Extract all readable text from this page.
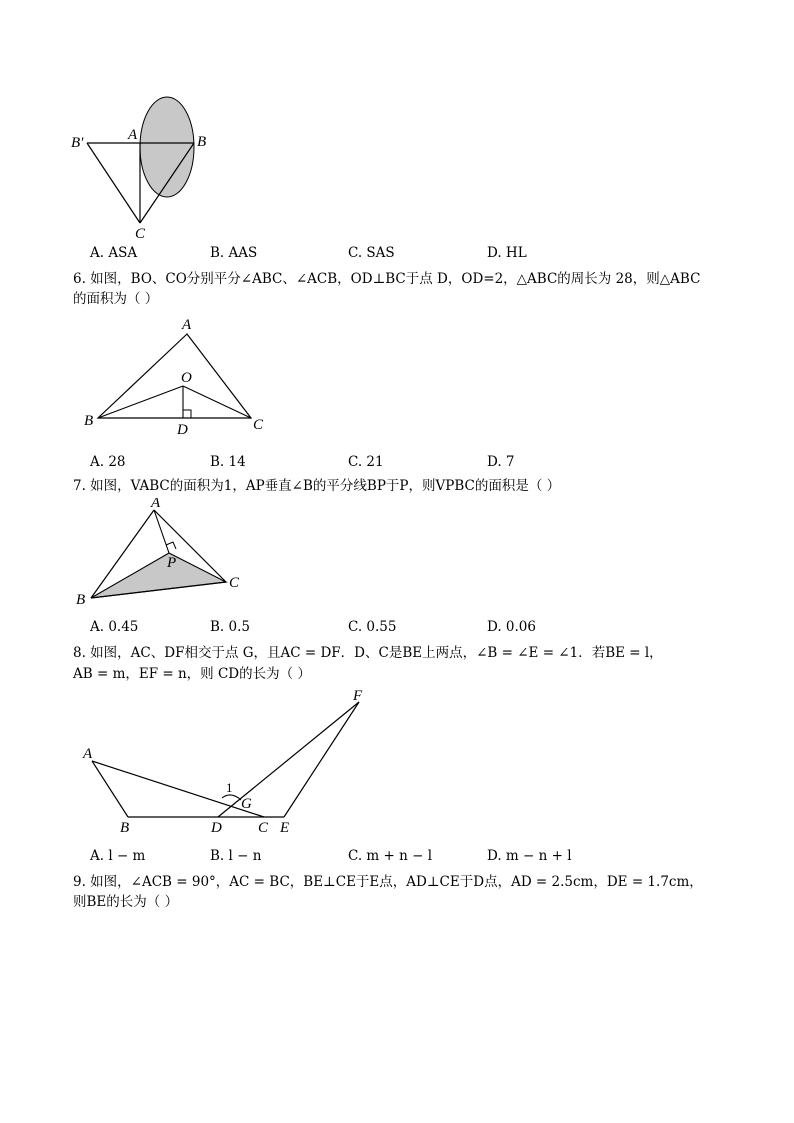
B′	A	B
C
A. ASA	B. AAS	C. SAS	D. HL
6. 如图，BO、CO分别平分∠ABC、∠ACB，OD⊥BC于点 D，OD=2，△ABC的周长为 28，则△ABC
的面积为（ ）
A
O
B
D	C
A. 28	B. 14	C. 21	D. 7
7. 如图，VABC的面积为1，AP垂直∠B的平分线BP于P，则VPBC的面积是（ ）
A
P
B
C
A. 0.45	B. 0.5	C. 0.55	D. 0.06
8. 如图，AC、DF相交于点 G，且AC = DF．D、C是BE上两点，∠B = ∠E = ∠1．若BE = l，
AB = m，EF = n，则 CD的长为（ ）
F
A
1
G
B	D C E
A. l − m	B. l − n	C. m + n − l	D. m − n + l
9. 如图，∠ACB = 90°，AC = BC，BE⊥CE于E点，AD⊥CE于D点，AD = 2.5cm，DE = 1.7cm，
则BE的长为（ ）
